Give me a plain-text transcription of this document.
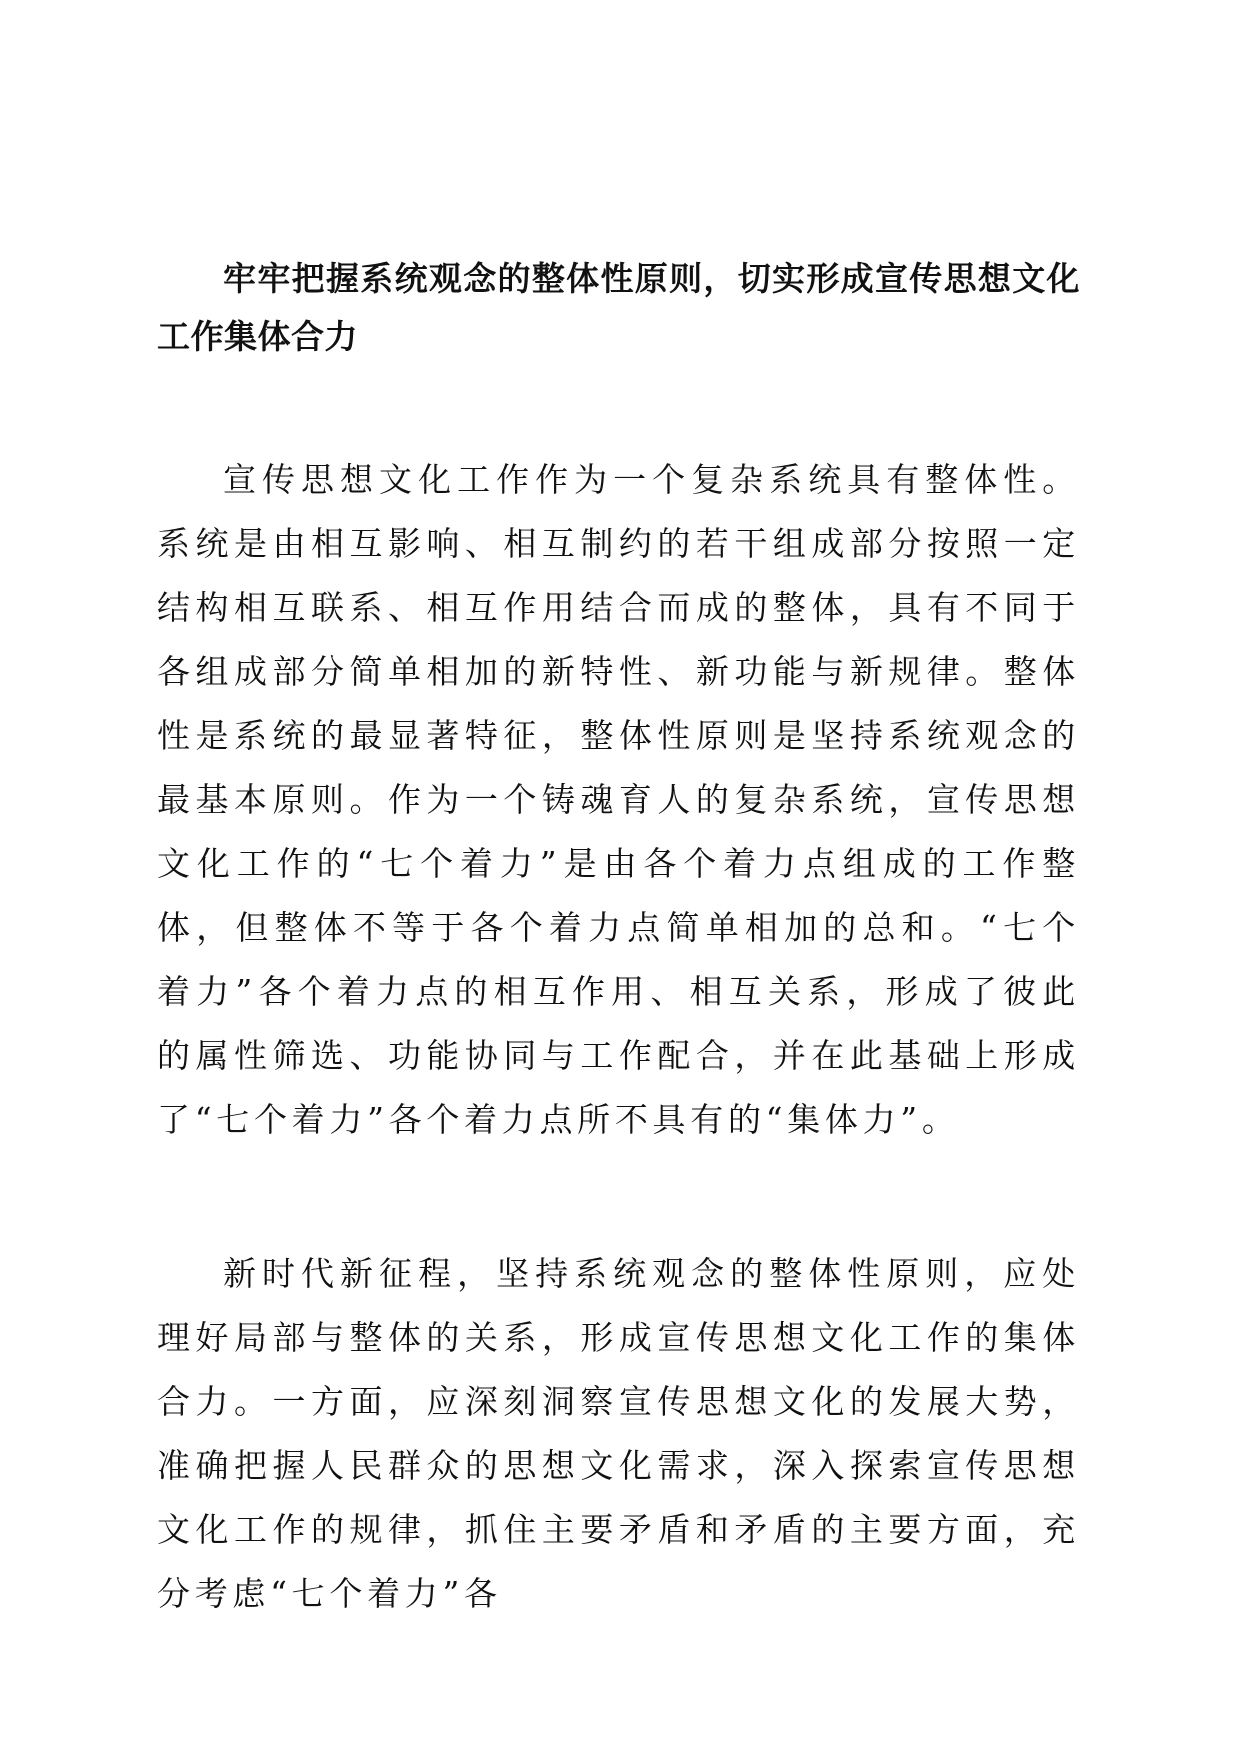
牢牢把握系统观念的整体性原则，切实形成宣传思想文化工作集体合力

宣传思想文化工作作为一个复杂系统具有整体性。系统是由相互影响、相互制约的若干组成部分按照一定结构相互联系、相互作用结合而成的整体，具有不同于各组成部分简单相加的新特性、新功能与新规律。整体性是系统的最显著特征，整体性原则是坚持系统观念的最基本原则。作为一个铸魂育人的复杂系统，宣传思想文化工作的“七个着力”是由各个着力点组成的工作整体，但整体不等于各个着力点简单相加的总和。“七个着力”各个着力点的相互作用、相互关系，形成了彼此的属性筛选、功能协同与工作配合，并在此基础上形成了“七个着力”各个着力点所不具有的“集体力”。

新时代新征程，坚持系统观念的整体性原则，应处理好局部与整体的关系，形成宣传思想文化工作的集体合力。一方面，应深刻洞察宣传思想文化的发展大势，准确把握人民群众的思想文化需求，深入探索宣传思想文化工作的规律，抓住主要矛盾和矛盾的主要方面，充分考虑“七个着力”各
